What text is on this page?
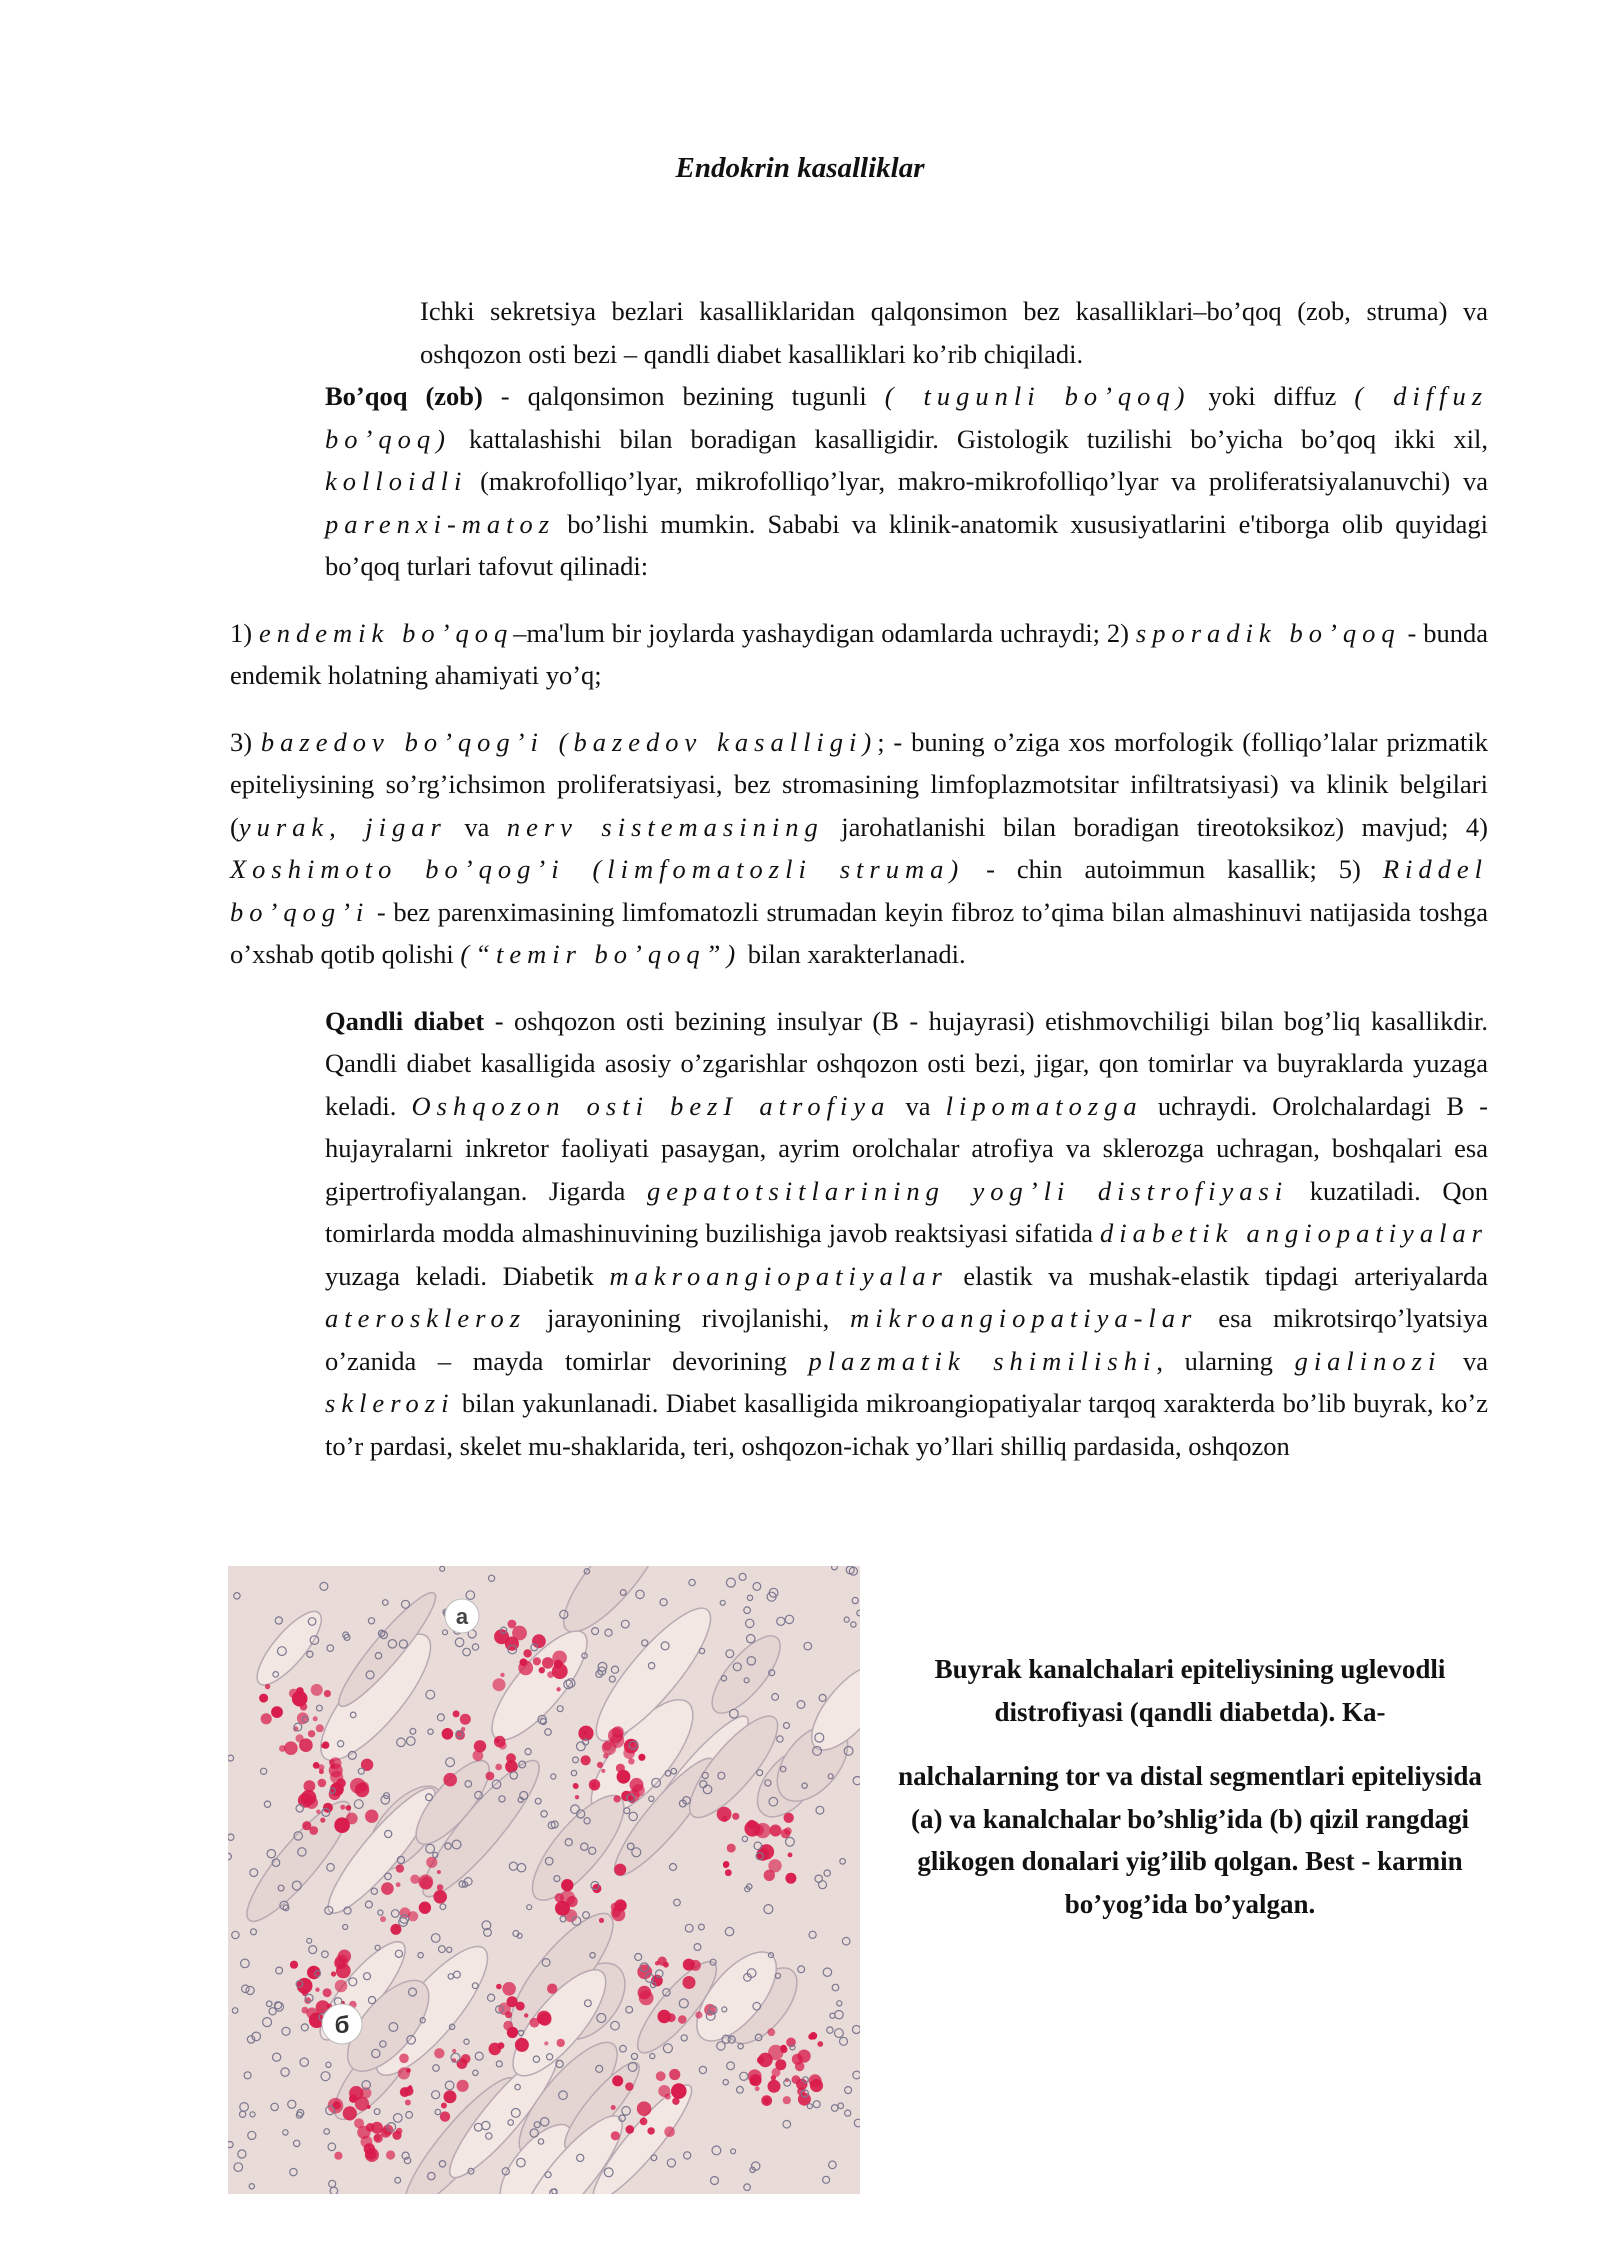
Endokrin kasalliklar

Ichki sekretsiya bezlari kasalliklaridan qalqonsimon bez kasalliklari–bo’qoq (zob, struma) va oshqozon osti bezi – qandli diabet kasalliklari ko’rib chiqiladi.

Bo’qoq (zob) - qalqonsimon bezining tugunli ( tugunli bo’qoq) yoki diffuz ( diffuz bo’qoq) kattalashishi bilan boradigan kasalligidir. Gistologik tuzilishi bo’yicha bo’qoq ikki xil, kolloidli (makrofolliqo’lyar, mikrofolliqo’lyar, makro-mikrofolliqo’lyar va proliferatsiyalanuvchi) va parenxi-matoz bo’lishi mumkin. Sababi va klinik-anatomik xususiyatlarini e'tiborga olib quyidagi bo’qoq turlari tafovut qilinadi:

1) endemik bo’qoq–ma'lum bir joylarda yashaydigan odamlarda uchraydi; 2) sporadik bo’qoq - bunda endemik holatning ahamiyati yo’q;

3) bazedov bo’qog’i (bazedov kasalligi); - buning o’ziga xos morfologik (folliqo’lalar prizmatik epiteliysining so’rg’ichsimon proliferatsiyasi, bez stromasining limfoplazmotsitar infiltratsiyasi) va klinik belgilari (yurak, jigar va nerv sistemasining jarohatlanishi bilan boradigan tireotoksikoz) mavjud; 4) Xoshimoto bo’qog’i (limfomatozli struma) - chin autoimmun kasallik; 5) Riddel bo’qog’i - bez parenximasining limfomatozli strumadan keyin fibroz to’qima bilan almashinuvi natijasida toshga o’xshab qotib qolishi (“temir bo’qoq”) bilan xarakterlanadi.

Qandli diabet - oshqozon osti bezining insulyar (B - hujayrasi) etishmovchiligi bilan bog’liq kasallikdir. Qandli diabet kasalligida asosiy o’zgarishlar oshqozon osti bezi, jigar, qon tomirlar va buyraklarda yuzaga keladi. Oshqozon osti bezI atrofiya va lipomatozga uchraydi. Orolchalardagi B - hujayralarni inkretor faoliyati pasaygan, ayrim orolchalar atrofiya va sklerozga uchragan, boshqalari esa gipertrofiyalangan. Jigarda gepatotsitlarining yog’li distrofiyasi kuzatiladi. Qon tomirlarda modda almashinuvining buzilishiga javob reaktsiyasi sifatida diabetik angiopatiyalar yuzaga keladi. Diabetik makroangiopatiyalar elastik va mushak-elastik tipdagi arteriyalarda ateroskleroz jarayonining rivojlanishi, mikroangiopatiya-lar esa mikrotsirqo’lyatsiya o’zanida – mayda tomirlar devorining plazmatik shimilishi, ularning gialinozi va sklerozi bilan yakunlanadi. Diabet kasalligida mikroangiopatiyalar tarqoq xarakterda bo’lib buyrak, ko’z to’r pardasi, skelet mu-shaklarida, teri, oshqozon-ichak yo’llari shilliq pardasida, oshqozon

a
б

Buyrak kanalchalari epiteliysining uglevodli distrofiyasi (qandli diabetda). Ka-

nalchalarning tor va distal segmentlari epiteliysida (a) va kanalchalar bo’shlig’ida (b) qizil rangdagi glikogen donalari yig’ilib qolgan. Best - karmin bo’yog’ida bo’yalgan.
